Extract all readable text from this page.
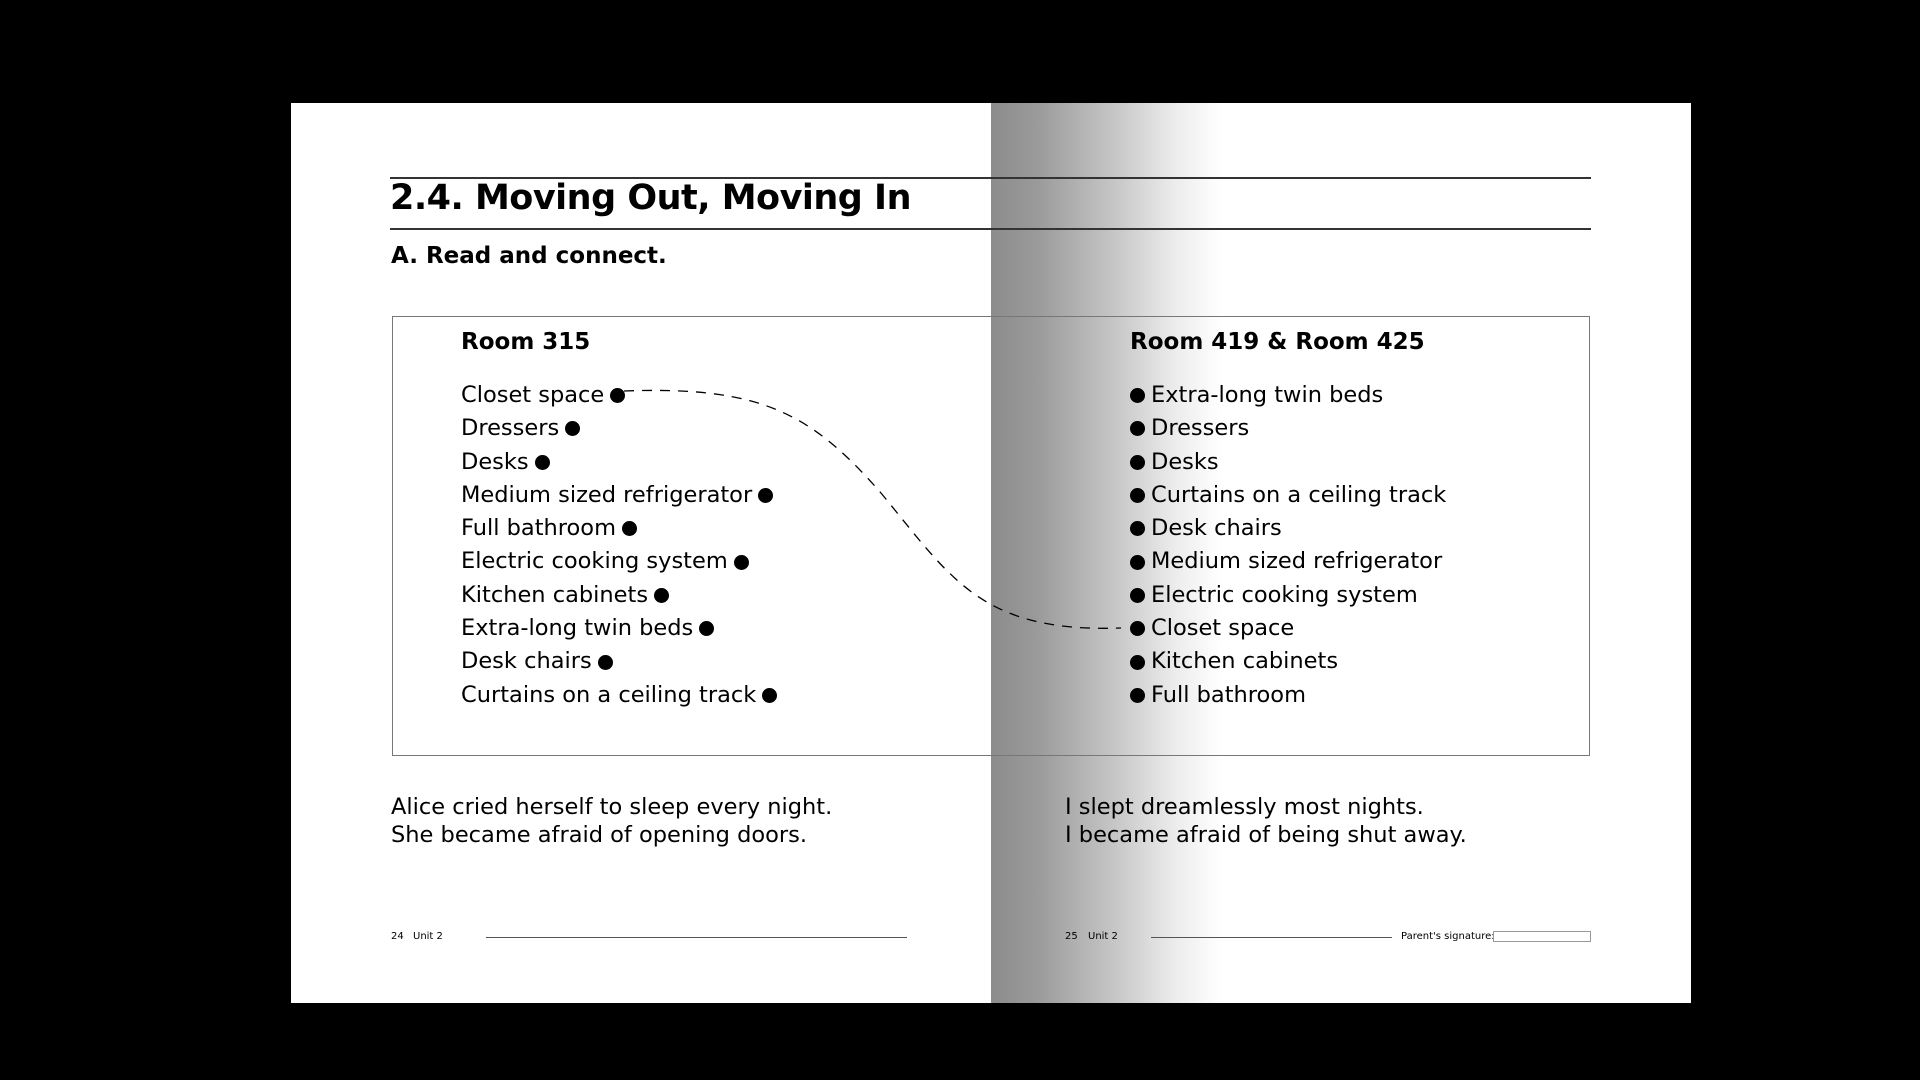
2.4. Moving Out, Moving In
A. Read and connect.
Room 315	Room 419 & Room 425
Closet space
Dressers
Desks
Medium sized refrigerator
Full bathroom
Electric cooking system
Kitchen cabinets
Extra-long twin beds
Desk chairs
Curtains on a ceiling track
Extra-long twin beds
Dressers
Desks
Curtains on a ceiling track
Desk chairs
Medium sized refrigerator
Electric cooking system
Closet space
Kitchen cabinets
Full bathroom

Alice cried herself to sleep every night.
She became afraid of opening doors.

I slept dreamlessly most nights.
I became afraid of being shut away.

24 Unit 2	25 Unit 2	Parent's signature:
